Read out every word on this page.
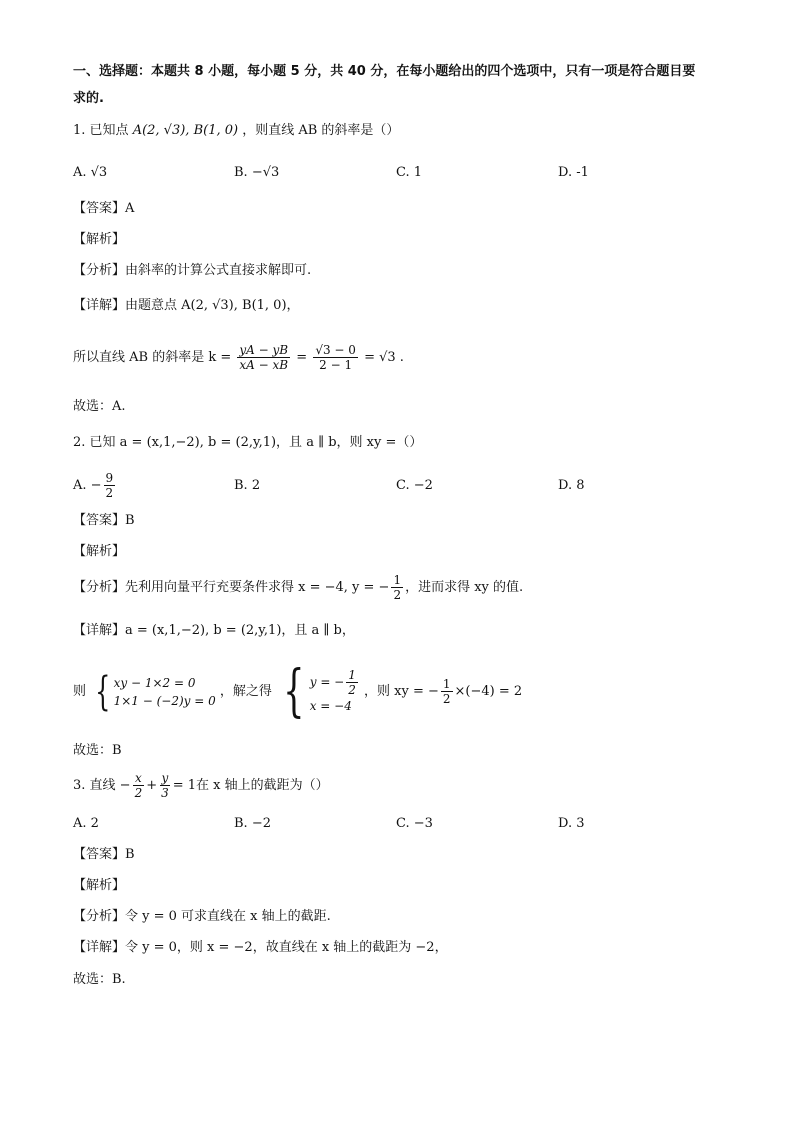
一、选择题：本题共 8 小题，每小题 5 分，共 40 分，在每小题给出的四个选项中，只有一项是符合题目要
求的.
1. 已知点 A(2, √3), B(1, 0) ，则直线 AB 的斜率是（）
A. √3	B. −√3	C. 1	D. -1
【答案】A
【解析】
【分析】由斜率的计算公式直接求解即可.
【详解】由题意点 A(2, √3), B(1, 0)，
所以直线 AB 的斜率是 $k = \frac{yA - yB}{xA - xB} = \frac{√3 - 0}{2 - 1} = √3$ .
故选：A.
2. 已知 a = (x,1,−2), b = (2,y,1)，且 a ∥ b，则 xy =（）
A. − $\frac{9}{2}$	B. 2	C. −2	D. 8
【答案】B
【解析】
【分析】先利用向量平行充要条件求得 x = −4, y = − $\frac{1}{2}$ ，进而求得 xy 的值.
【详解】a = (x,1,−2), b = (2,y,1)，且 a ∥ b，
则 { xy − 1×2 = 0
1×1 − (−2)y = 0
，解之得 { y = − $\frac{1}{2}$
x = −4
，则 xy = − $\frac{1}{2} \times(-4) = 2$
故选：B
3. 直线 − $\frac{x}{2} + \frac{y}{3} = 1$在 x 轴上的截距为（）
A. 2	B. −2	C. −3	D. 3
【答案】B
【解析】
【分析】令 y = 0 可求直线在 x 轴上的截距.
【详解】令 y = 0，则 x = −2，故直线在 x 轴上的截距为 −2，
故选：B.
